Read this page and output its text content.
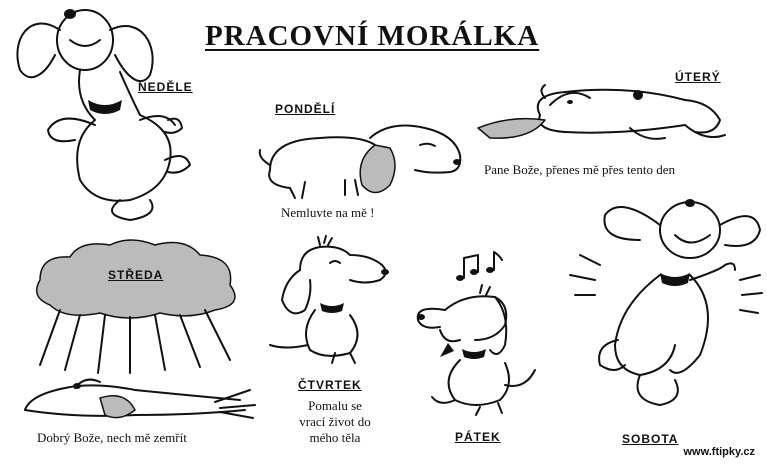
PRACOVNÍ MORÁLKA
NEDĚLE
PONDĚLÍ
Nemluvte na mě !
ÚTERÝ
Pane Bože, přenes mě přes tento den
STŘEDA
Dobrý Bože, nech mě zemřít
ČTVRTEK
Pomalu se
vrací život do
mého těla	PÁTEK	SOBOTA
www.ftipky.cz
